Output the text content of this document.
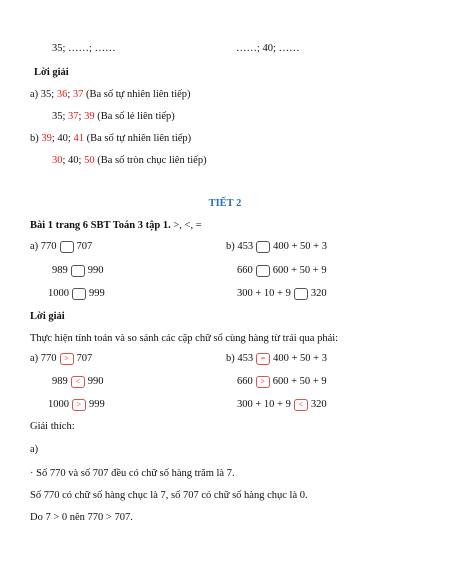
35; ……; ……	……; 40; ……
Lời giải
a) 35; 36; 37 (Ba số tự nhiên liên tiếp)
35; 37; 39 (Ba số lẻ liên tiếp)
b) 39; 40; 41 (Ba số tự nhiên liên tiếp)
30; 40; 50 (Ba số tròn chục liên tiếp)
TIẾT 2
Bài 1 trang 6 SBT Toán 3 tập 1. >, <, =
a) 770 707	b) 453 400 + 50 + 3
989 990	660 600 + 50 + 9
1000 999	300 + 10 + 9 320
Lời giải
Thực hiện tính toán và so sánh các cặp chữ số cùng hàng từ trái qua phải:
a) 770 > 707	b) 453 = 400 + 50 + 3
989 < 990	660 > 600 + 50 + 9
1000 > 999	300 + 10 + 9 < 320
Giải thích:
a)
· Số 770 và số 707 đều có chữ số hàng trăm là 7.
Số 770 có chữ số hàng chục là 7, số 707 có chữ số hàng chục là 0.
Do 7 > 0 nên 770 > 707.
